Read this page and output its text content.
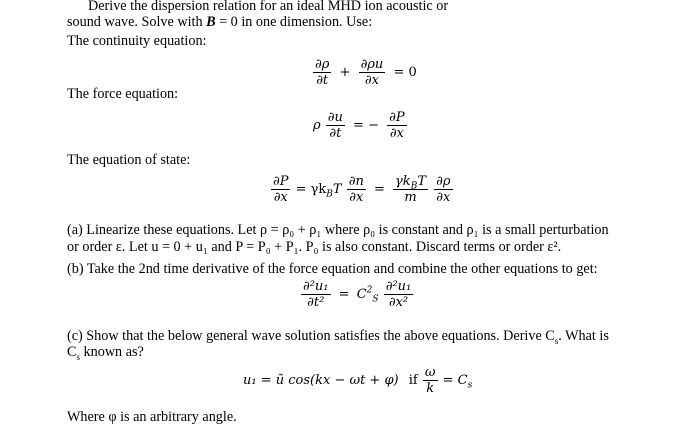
Derive the dispersion relation for an ideal MHD ion acoustic or
sound wave. Solve with B = 0 in one dimension. Use:
The continuity equation:
$\frac{\partial\rho}{\partial t} + \frac{\partial\rho u}{\partial x} = 0$
The force equation:
ρ $\frac{\partial u}{\partial t}$ = − $\frac{\partial P}{\partial x}$
The equation of state:
$\frac{\partial P}{\partial x} = \gamma k_BT \frac{\partial n}{\partial x} = \frac{\gamma k_BT}{m}$
$\frac{\partial\rho}{\partial x}$
(a) Linearize these equations. Let ρ = ρ₀ + ρ₁ where ρ₀ is constant and ρ₁ is a small perturbation
or order ε. Let u = 0 + u₁ and P = P₀ + P₁. P₀ is also constant. Discard terms or order ε².
(b) Take the 2nd time derivative of the force equation and combine the other equations to get:
$\frac{\text{∂²u₁}}{\text{∂t²}} = C^2_S \frac{\text{∂²u₁}}{\text{∂x²}}$
(c) Show that the below general wave solution satisfies the above equations. Derive $C_s$. What is
$C_s$ known as?
u₁ = ũ cos(kx − ωt + φ) if $\frac{\omega}{k} = C_s$
Where φ is an arbitrary angle.
